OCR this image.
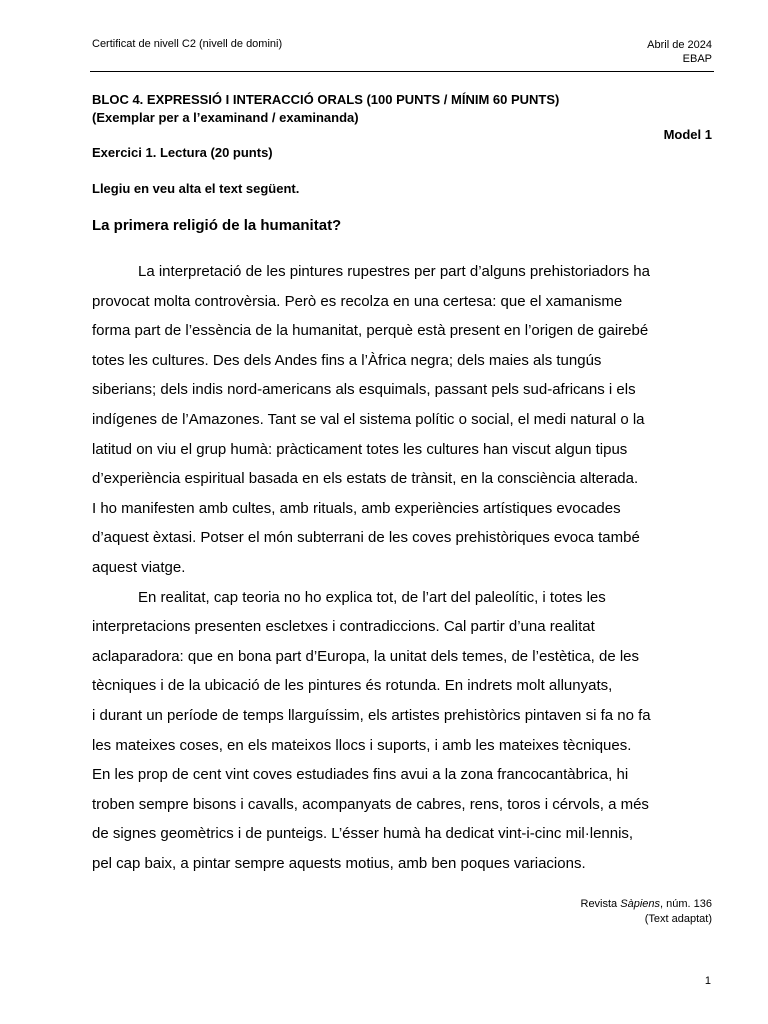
Certificat de nivell C2 (nivell de domini)	Abril de 2024
EBAP
BLOC 4. EXPRESSIÓ I INTERACCIÓ ORALS (100 PUNTS / MÍNIM 60 PUNTS)
(Exemplar per a l’examinand / examinanda)
Model 1
Exercici 1. Lectura (20 punts)
Llegiu en veu alta el text següent.
La primera religió de la humanitat?

La interpretació de les pintures rupestres per part d’alguns prehistoriadors ha
provocat molta controvèrsia. Però es recolza en una certesa: que el xamanisme
forma part de l’essència de la humanitat, perquè està present en l’origen de gairebé
totes les cultures. Des dels Andes fins a l’Àfrica negra; dels maies als tungús
siberians; dels indis nord-americans als esquimals, passant pels sud-africans i els
indígenes de l’Amazones. Tant se val el sistema polític o social, el medi natural o la
latitud on viu el grup humà: pràcticament totes les cultures han viscut algun tipus
d’experiència espiritual basada en els estats de trànsit, en la consciència alterada.
I ho manifesten amb cultes, amb rituals, amb experiències artístiques evocades
d’aquest èxtasi. Potser el món subterrani de les coves prehistòriques evoca també
aquest viatge.

En realitat, cap teoria no ho explica tot, de l’art del paleolític, i totes les
interpretacions presenten escletxes i contradiccions. Cal partir d’una realitat
aclaparadora: que en bona part d’Europa, la unitat dels temes, de l’estètica, de les
tècniques i de la ubicació de les pintures és rotunda. En indrets molt allunyats,
i durant un període de temps llarguíssim, els artistes prehistòrics pintaven si fa no fa
les mateixes coses, en els mateixos llocs i suports, i amb les mateixes tècniques.
En les prop de cent vint coves estudiades fins avui a la zona francocantàbrica, hi
troben sempre bisons i cavalls, acompanyats de cabres, rens, toros i cérvols, a més
de signes geomètrics i de punteigs. L’ésser humà ha dedicat vint-i-cinc mil·lennis,
pel cap baix, a pintar sempre aquests motius, amb ben poques variacions.

Revista Sàpiens, núm. 136
(Text adaptat)
1
